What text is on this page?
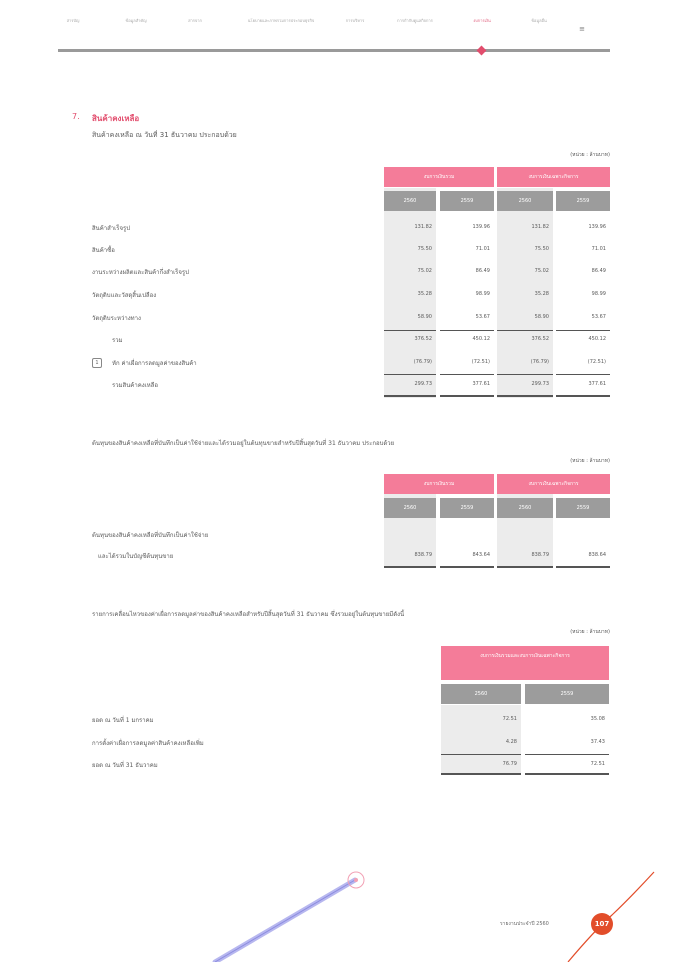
สารบัญ	ข้อมูลสำคัญ	สารจาก	นโยบายและภาพรวมการประกอบธุรกิจ	การบริหาร	การกำกับดูแลกิจการ	งบการเงิน	ข้อมูลอื่น
≡
7. สินค้าคงเหลือ
สินค้าคงเหลือ ณ วันที่ 31 ธันวาคม ประกอบด้วย
(หน่วย : ล้านบาท)
งบการเงินรวม	งบการเงินเฉพาะกิจการ
2560	2559	2560	2559
สินค้าสำเร็จรูป	131.82	139.96	131.82	139.96
สินค้าซื้อ	75.50	71.01	75.50	71.01
งานระหว่างผลิตและสินค้ากึ่งสำเร็จรูป	75.02	86.49	75.02	86.49
วัตถุดิบและวัสดุสิ้นเปลือง	35.28	98.99	35.28	98.99
วัตถุดิบระหว่างทาง	58.90	53.67	58.90	53.67
รวม	376.52	450.12	376.52	450.12
1	หัก ค่าเผื่อการลดมูลค่าของสินค้า	(76.79)	(72.51)	(76.79)	(72.51)
รวมสินค้าคงเหลือ	299.73	377.61	299.73	377.61
ต้นทุนของสินค้าคงเหลือที่บันทึกเป็นค่าใช้จ่ายและได้รวมอยู่ในต้นทุนขายสำหรับปีสิ้นสุดวันที่ 31 ธันวาคม ประกอบด้วย
(หน่วย : ล้านบาท)
งบการเงินรวม	งบการเงินเฉพาะกิจการ
2560	2559	2560	2559
ต้นทุนของสินค้าคงเหลือที่บันทึกเป็นค่าใช้จ่าย
และได้รวมในบัญชีต้นทุนขาย	838.79	843.64	838.79	838.64
รายการเคลื่อนไหวของค่าเผื่อการลดมูลค่าของสินค้าคงเหลือสำหรับปีสิ้นสุดวันที่ 31 ธันวาคม ซึ่งรวมอยู่ในต้นทุนขายมีดังนี้
(หน่วย : ล้านบาท)
งบการเงินรวมและงบการเงินเฉพาะกิจการ
2560	2559
ยอด ณ วันที่ 1 มกราคม	72.51	35.08
การตั้งค่าเผื่อการลดมูลค่าสินค้าคงเหลือเพิ่ม	4.28	37.43
ยอด ณ วันที่ 31 ธันวาคม	76.79	72.51
รายงานประจำปี 2560	107
